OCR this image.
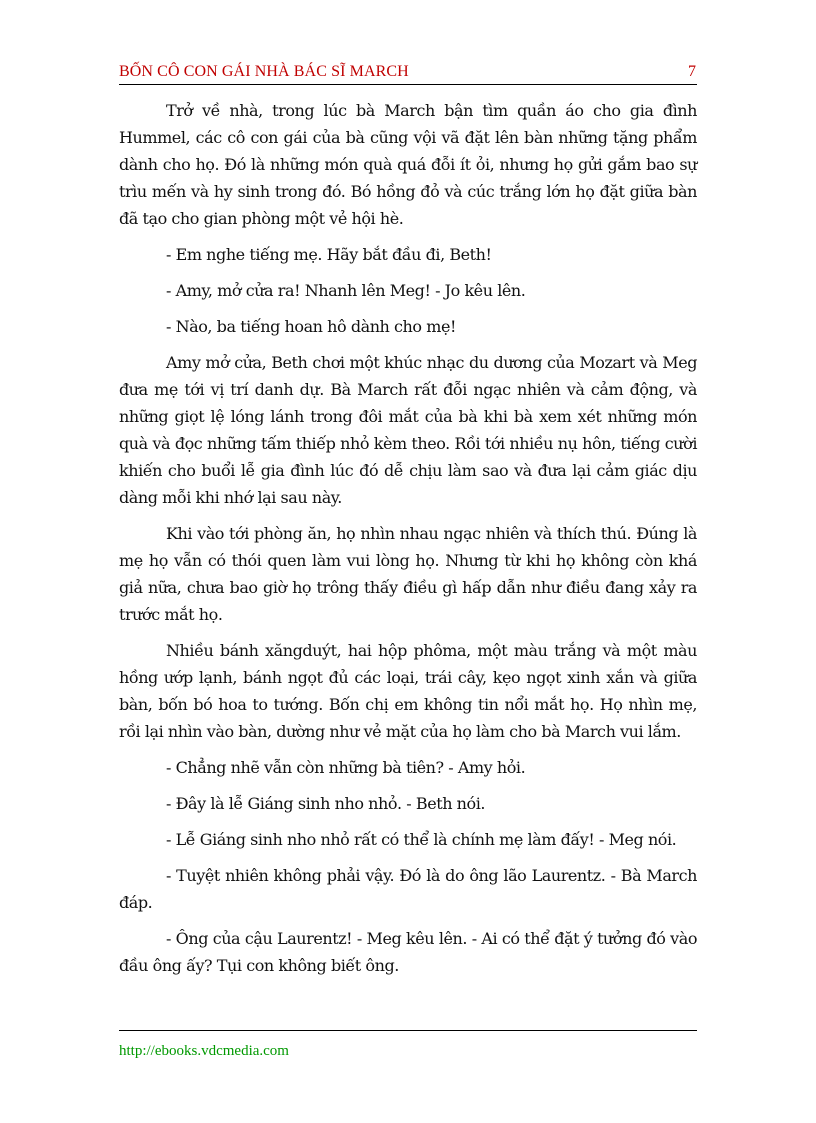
BỐN CÔ CON GÁI NHÀ BÁC SĨ MARCH	7

Trở về nhà, trong lúc bà March bận tìm quần áo cho gia đình Hummel, các cô con gái của bà cũng vội vã đặt lên bàn những tặng phẩm dành cho họ. Đó là những món quà quá đỗi ít ỏi, nhưng họ gửi gắm bao sự trìu mến và hy sinh trong đó. Bó hồng đỏ và cúc trắng lớn họ đặt giữa bàn đã tạo cho gian phòng một vẻ hội hè.

- Em nghe tiếng mẹ. Hãy bắt đầu đi, Beth!

- Amy, mở cửa ra! Nhanh lên Meg! - Jo kêu lên.

- Nào, ba tiếng hoan hô dành cho mẹ!

Amy mở cửa, Beth chơi một khúc nhạc du dương của Mozart và Meg đưa mẹ tới vị trí danh dự. Bà March rất đỗi ngạc nhiên và cảm động, và những giọt lệ lóng lánh trong đôi mắt của bà khi bà xem xét những món quà và đọc những tấm thiếp nhỏ kèm theo. Rồi tới nhiều nụ hôn, tiếng cười khiến cho buổi lễ gia đình lúc đó dễ chịu làm sao và đưa lại cảm giác dịu dàng mỗi khi nhớ lại sau này.

Khi vào tới phòng ăn, họ nhìn nhau ngạc nhiên và thích thú. Đúng là mẹ họ vẫn có thói quen làm vui lòng họ. Nhưng từ khi họ không còn khá giả nữa, chưa bao giờ họ trông thấy điều gì hấp dẫn như điều đang xảy ra trước mắt họ.

Nhiều bánh xăngduýt, hai hộp phôma, một màu trắng và một màu hồng ướp lạnh, bánh ngọt đủ các loại, trái cây, kẹo ngọt xinh xắn và giữa bàn, bốn bó hoa to tướng. Bốn chị em không tin nổi mắt họ. Họ nhìn mẹ, rồi lại nhìn vào bàn, dường như vẻ mặt của họ làm cho bà March vui lắm.

- Chẳng nhẽ vẫn còn những bà tiên? - Amy hỏi.

- Đây là lễ Giáng sinh nho nhỏ. - Beth nói.

- Lễ Giáng sinh nho nhỏ rất có thể là chính mẹ làm đấy! - Meg nói.

- Tuyệt nhiên không phải vậy. Đó là do ông lão Laurentz. - Bà March đáp.

- Ông của cậu Laurentz! - Meg kêu lên. - Ai có thể đặt ý tưởng đó vào đầu ông ấy? Tụi con không biết ông.

http://ebooks.vdcmedia.com
